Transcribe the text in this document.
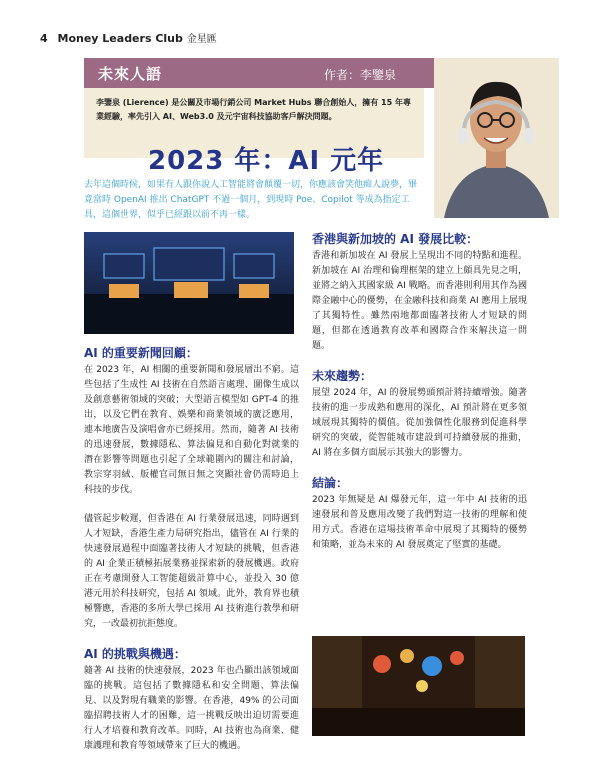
4 Money Leaders Club 金星匯
未來人語	作者：李鑒泉

李鑒泉 (Lierence) 是公關及市場行銷公司 Market Hubs 聯合創始人，擁有 15 年專業經驗，率先引入 AI、Web3.0 及元宇宙科技協助客戶解決問題。

2023 年：AI 元年
去年這個時候，如果有人跟你說人工智能將會顛覆一切，你應該會笑他痴人說夢，畢竟當時 OpenAI 推出 ChatGPT 不過一個月，到現時 Poe、Copilot 等成為指定工具，這個世界，似乎已經跟以前不再一樣。
AI 的重要新聞回顧：

在 2023 年，AI 相關的重要新聞和發展層出不窮。這些包括了生成性 AI 技術在自然語言處理、圖像生成以及創意藝術領域的突破；大型語言模型如 GPT-4 的推出，以及它們在教育、娛樂和商業領域的廣泛應用，連本地廣告及演唱會亦已經採用。然而，隨著 AI 技術的迅速發展，數據隱私、算法偏見和自動化對就業的潛在影響等問題也引起了全球範圍內的關注和討論，教宗穿羽絨、版權官司無日無之突顯社會仍需時追上科技的步伐。

儘管起步較遲，但香港在 AI 行業發展迅速，同時遇到人才短缺，香港生產力局研究指出，儘管在 AI 行業的快速發展過程中面臨著技術人才短缺的挑戰，但香港的 AI 企業正積極拓展業務並探索新的發展機遇。政府正在考慮開發人工智能超級計算中心，並投入 30 億港元用於科技研究，包括 AI 領域。此外，教育界也積極響應，香港的多所大學已採用 AI 技術進行教學和研究，一改最初抗拒態度。

AI 的挑戰與機遇：

隨著 AI 技術的快速發展，2023 年也凸顯出該領域面臨的挑戰。這包括了數據隱私和安全問題、算法偏見、以及對現有職業的影響。在香港，49% 的公司面臨招聘技術人才的困難，這一挑戰反映出迫切需要進行人才培養和教育改革。同時，AI 技術也為商業、健康護理和教育等領域帶來了巨大的機遇。

香港與新加坡的 AI 發展比較：

香港和新加坡在 AI 發展上呈現出不同的特點和進程。新加坡在 AI 治理和倫理框架的建立上頗具先見之明，並將之納入其國家級 AI 戰略。而香港則利用其作為國際金融中心的優勢，在金融科技和商業 AI 應用上展現了其獨特性。雖然兩地都面臨著技術人才短缺的問題，但都在透過教育改革和國際合作來解決這一問題。

未來趨勢：

展望 2024 年，AI 的發展勢頭預計將持續增強。隨著技術的進一步成熟和應用的深化，AI 預計將在更多領域展現其獨特的價值。從加強個性化服務到促進科學研究的突破，從智能城市建設到可持續發展的推動，AI 將在多個方面展示其強大的影響力。

結論：

2023 年無疑是 AI 爆發元年，這一年中 AI 技術的迅速發展和普及應用改變了我們對這一技術的理解和使用方式。香港在這場技術革命中展現了其獨特的優勢和策略，並為未來的 AI 發展奠定了堅實的基礎。
